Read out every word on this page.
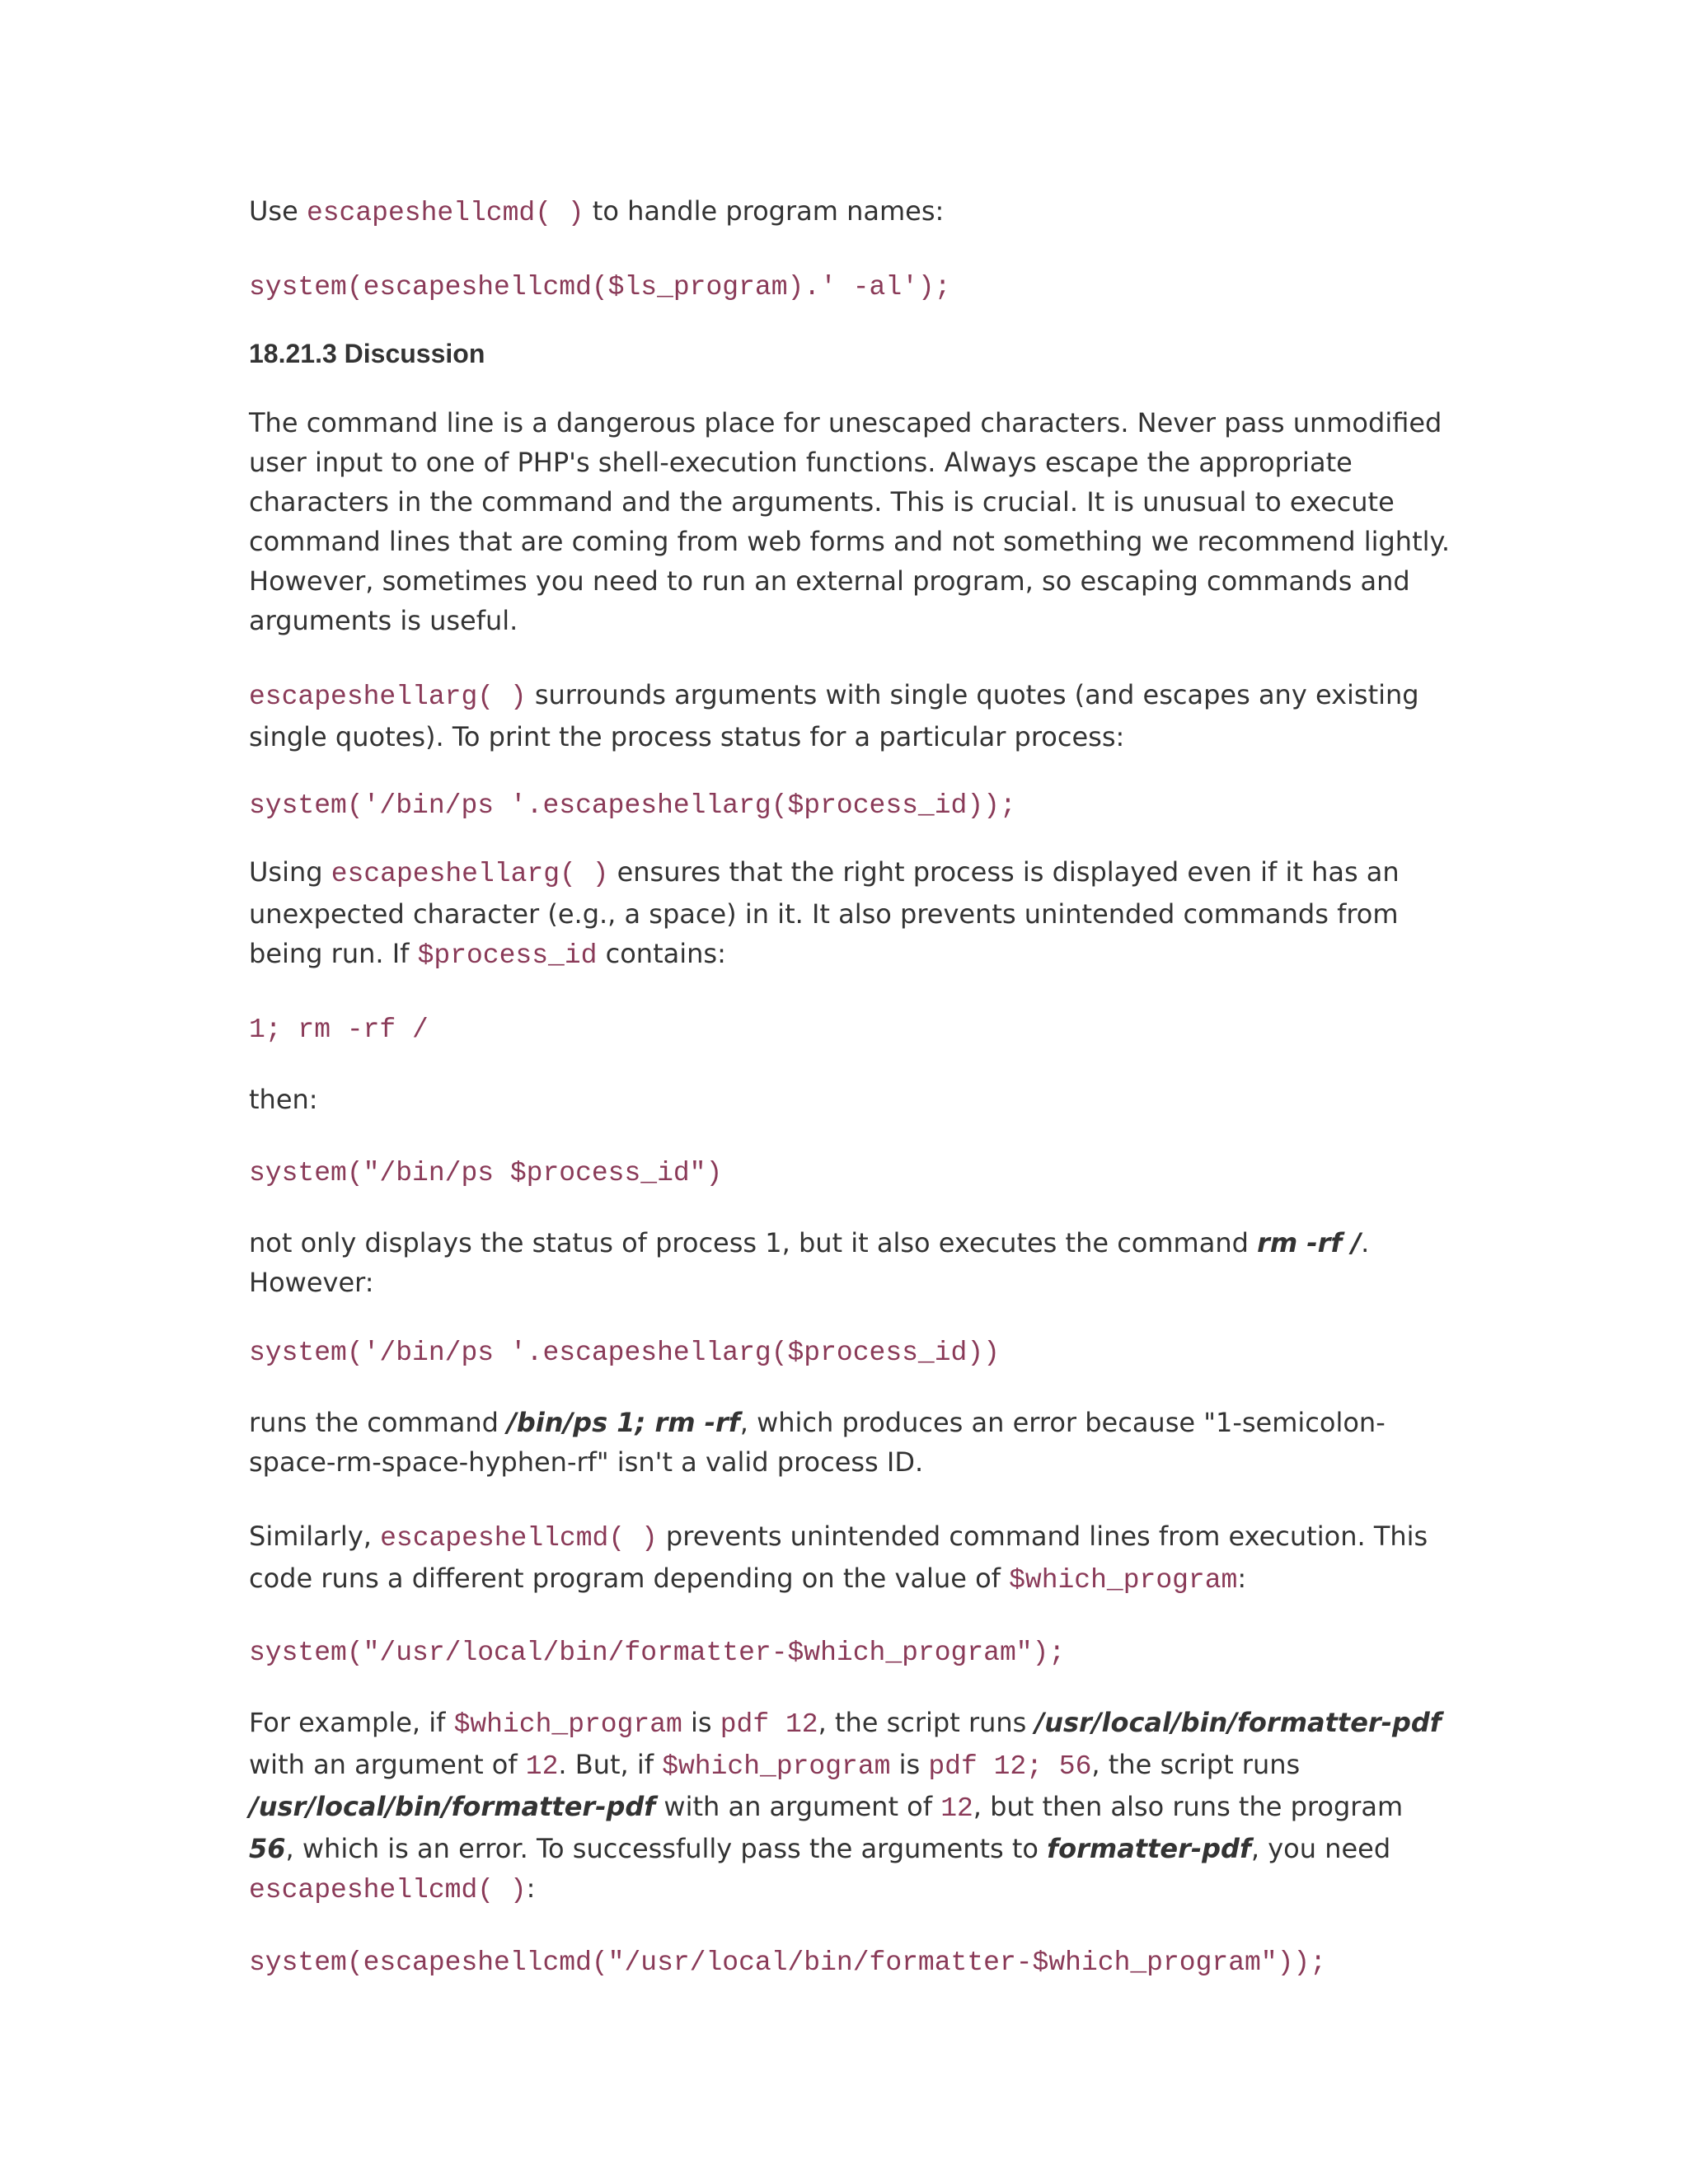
Use escapeshellcmd( ) to handle program names:

system(escapeshellcmd($ls_program).' -al');
18.21.3 Discussion

The command line is a dangerous place for unescaped characters. Never pass unmodified user input to one of PHP's shell-execution functions. Always escape the appropriate characters in the command and the arguments. This is crucial. It is unusual to execute command lines that are coming from web forms and not something we recommend lightly. However, sometimes you need to run an external program, so escaping commands and arguments is useful.

escapeshellarg( ) surrounds arguments with single quotes (and escapes any existing single quotes). To print the process status for a particular process:

system('/bin/ps '.escapeshellarg($process_id));

Using escapeshellarg( ) ensures that the right process is displayed even if it has an unexpected character (e.g., a space) in it. It also prevents unintended commands from being run. If $process_id contains:

1; rm -rf /

then:

system("/bin/ps $process_id")

not only displays the status of process 1, but it also executes the command rm -rf /. However:

system('/bin/ps '.escapeshellarg($process_id))

runs the command /bin/ps 1; rm -rf, which produces an error because "1-semicolon-space-rm-space-hyphen-rf" isn't a valid process ID.

Similarly, escapeshellcmd( ) prevents unintended command lines from execution. This code runs a different program depending on the value of $which_program:

system("/usr/local/bin/formatter-$which_program");

For example, if $which_program is pdf 12, the script runs /usr/local/bin/formatter-pdf with an argument of 12. But, if $which_program is pdf 12; 56, the script runs /usr/local/bin/formatter-pdf with an argument of 12, but then also runs the program 56, which is an error. To successfully pass the arguments to formatter-pdf, you need escapeshellcmd( ):

system(escapeshellcmd("/usr/local/bin/formatter-$which_program"));
